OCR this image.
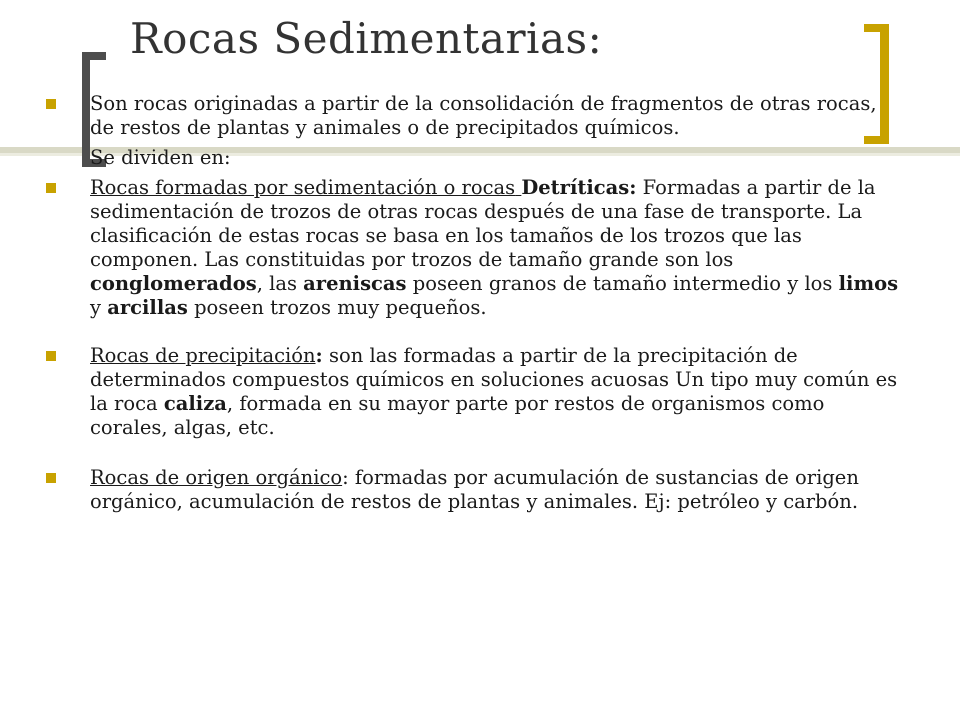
Rocas Sedimentarias:

Son rocas originadas a partir de la consolidación de fragmentos de otras rocas, de restos de plantas y animales o de precipitados químicos.

Se dividen en:

Rocas formadas por sedimentación o rocas Detríticas: Formadas a partir de la sedimentación de trozos de otras rocas después de una fase de transporte. La clasificación de estas rocas se basa en los tamaños de los trozos que las componen. Las constituidas por trozos de tamaño grande son los conglomerados, las areniscas poseen granos de tamaño intermedio y los limos y arcillas poseen trozos muy pequeños.

Rocas de precipitación: son las formadas a partir de la precipitación de determinados compuestos químicos en soluciones acuosas Un tipo muy común es la roca caliza, formada en su mayor parte por restos de organismos como corales, algas, etc.

Rocas de origen orgánico: formadas por acumulación de sustancias de origen orgánico, acumulación de restos de plantas y animales. Ej: petróleo y carbón.
